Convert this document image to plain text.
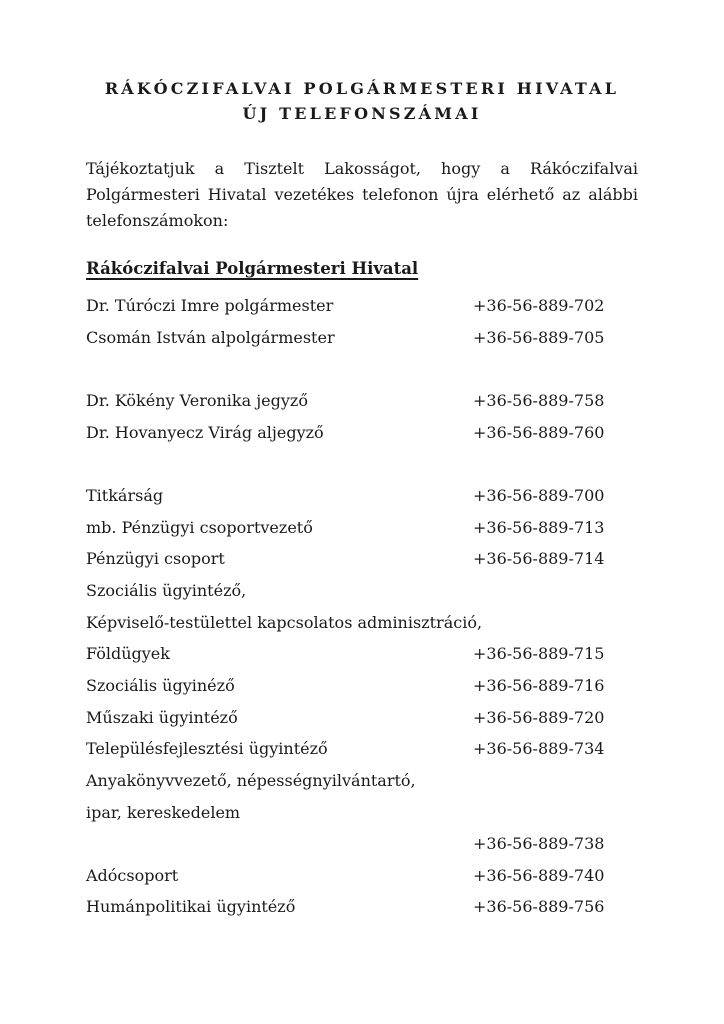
RÁKÓCZIFALVAI POLGÁRMESTERI HIVATAL
ÚJ TELEFONSZÁMAI
Tájékoztatjuk a Tisztelt Lakosságot, hogy a Rákóczifalvai
Polgármesteri Hivatal vezetékes telefonon újra elérhető az alábbi
telefonszámokon:
Rákóczifalvai Polgármesteri Hivatal
Dr. Túróczi Imre polgármester	+36-56-889-702
Csomán István alpolgármester	+36-56-889-705
Dr. Kökény Veronika jegyző	+36-56-889-758
Dr. Hovanyecz Virág aljegyző	+36-56-889-760
Titkárság	+36-56-889-700
mb. Pénzügyi csoportvezető	+36-56-889-713
Pénzügyi csoport	+36-56-889-714
Szociális ügyintéző,
Képviselő-testülettel kapcsolatos adminisztráció,
Földügyek	+36-56-889-715
Szociális ügyinéző	+36-56-889-716
Műszaki ügyintéző	+36-56-889-720
Településfejlesztési ügyintéző	+36-56-889-734
Anyakönyvvezető, népességnyilvántartó,
ipar, kereskedelem
+36-56-889-738
Adócsoport	+36-56-889-740
Humánpolitikai ügyintéző	+36-56-889-756
